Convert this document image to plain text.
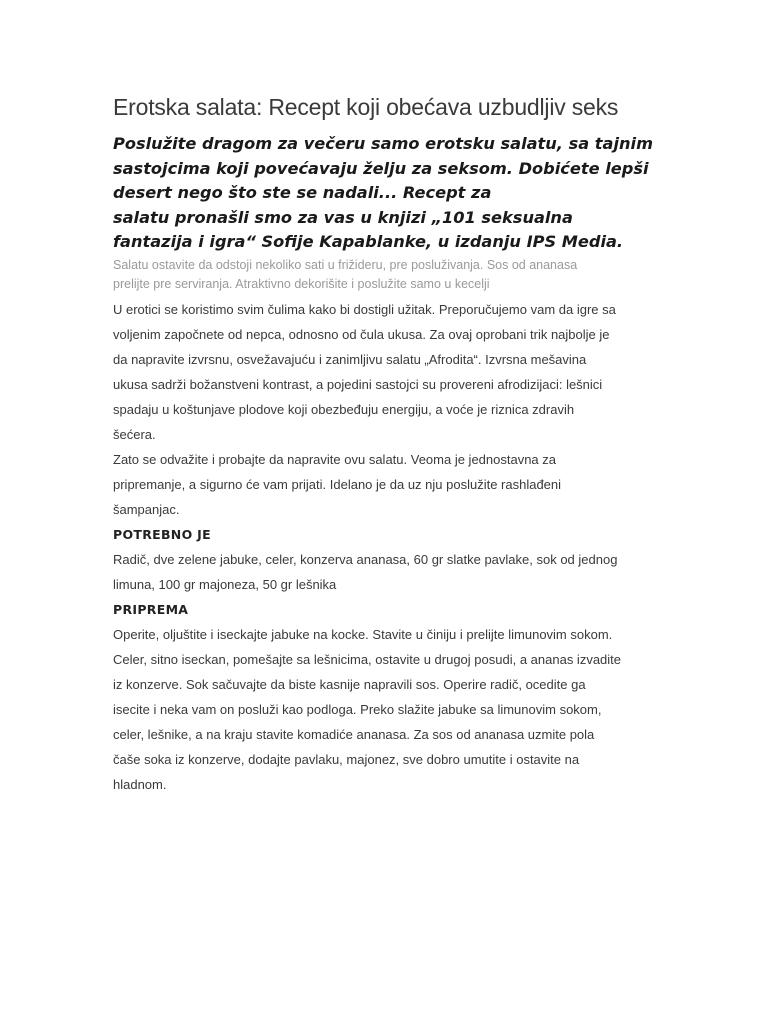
Erotska salata: Recept koji obećava uzbudljiv seks
Poslužite dragom za večeru samo erotsku salatu, sa tajnim
sastojcima koji povećavaju želju za seksom. Dobićete lepši
desert nego što ste se nadali... Recept za
salatu pronašli smo za vas u knjizi „101 seksualna
fantazija i igra“ Sofije Kapablanke, u izdanju IPS Media.
Salatu ostavite da odstoji nekoliko sati u frižideru, pre posluživanja. Sos od ananasa
prelijte pre serviranja. Atraktivno dekorišite i poslužite samo u kecelji
U erotici se koristimo svim čulima kako bi dostigli užitak. Preporučujemo vam da igre sa
voljenim započnete od nepca, odnosno od čula ukusa. Za ovaj oprobani trik najbolje je
da napravite izvrsnu, osvežavajuću i zanimljivu salatu „Afrodita“. Izvrsna mešavina
ukusa sadrži božanstveni kontrast, a pojedini sastojci su provereni afrodizijaci: lešnici
spadaju u koštunjave plodove koji obezbeđuju energiju, a voće je riznica zdravih
šećera.
Zato se odvažite i probajte da napravite ovu salatu. Veoma je jednostavna za
pripremanje, a sigurno će vam prijati. Idelano je da uz nju poslužite rashlađeni
šampanjac.
POTREBNO JE
Radič, dve zelene jabuke, celer, konzerva ananasa, 60 gr slatke pavlake, sok od jednog
limuna, 100 gr majoneza, 50 gr lešnika
PRIPREMA
Operite, oljuštite i iseckajte jabuke na kocke. Stavite u činiju i prelijte limunovim sokom.
Celer, sitno iseckan, pomešajte sa lešnicima, ostavite u drugoj posudi, a ananas izvadite
iz konzerve. Sok sačuvajte da biste kasnije napravili sos. Operire radič, ocedite ga
isecite i neka vam on posluži kao podloga. Preko slažite jabuke sa limunovim sokom,
celer, lešnike, a na kraju stavite komadiće ananasa. Za sos od ananasa uzmite pola
čaše soka iz konzerve, dodajte pavlaku, majonez, sve dobro umutite i ostavite na
hladnom.
